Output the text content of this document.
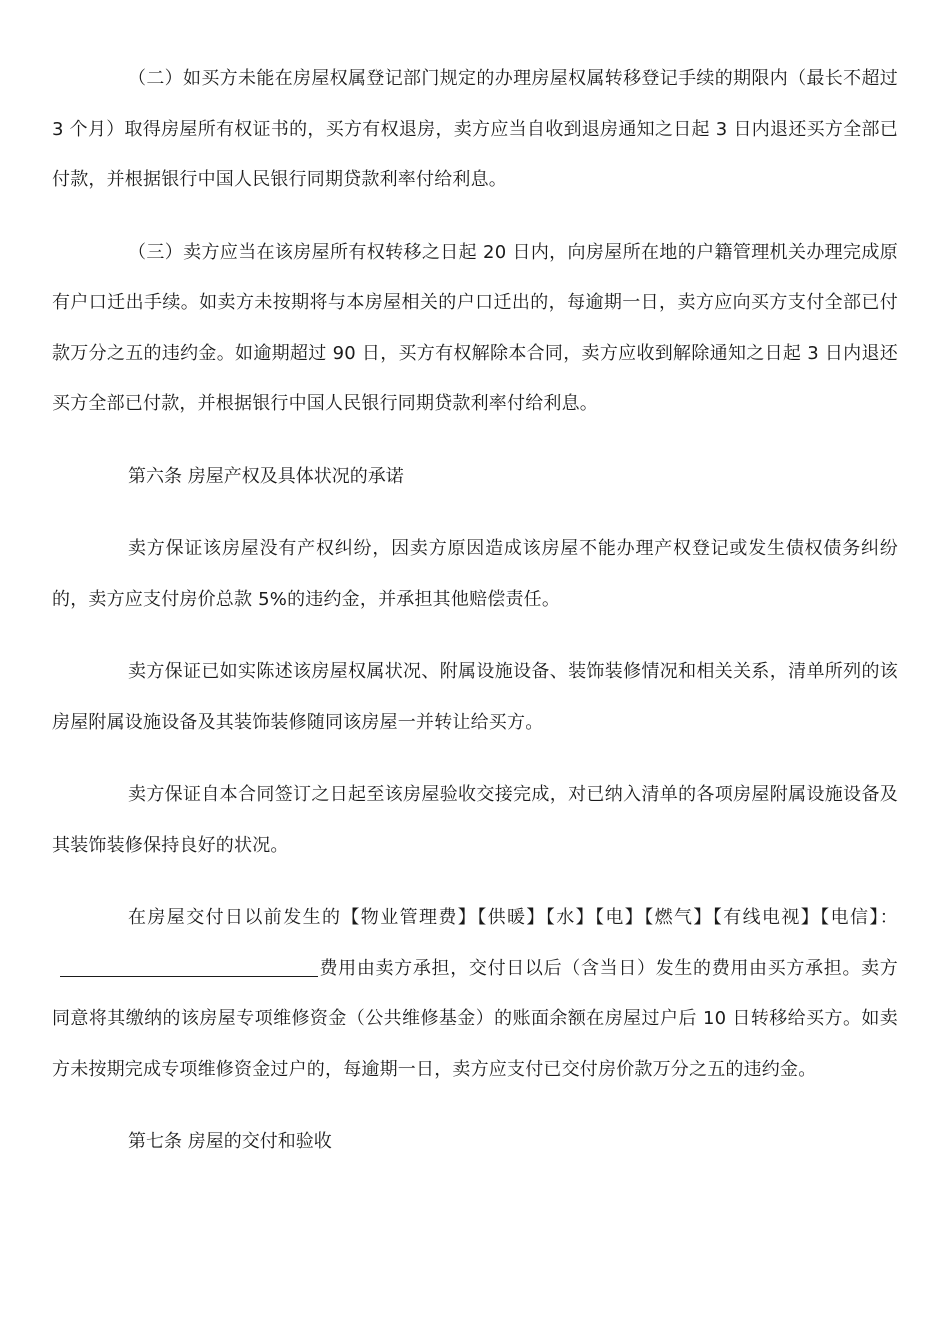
（二）如买方未能在房屋权属登记部门规定的办理房屋权属转移登记手续的期限内（最长不超过 3 个月）取得房屋所有权证书的，买方有权退房，卖方应当自收到退房通知之日起 3 日内退还买方全部已付款，并根据银行中国人民银行同期贷款利率付给利息。

（三）卖方应当在该房屋所有权转移之日起 20 日内，向房屋所在地的户籍管理机关办理完成原有户口迁出手续。如卖方未按期将与本房屋相关的户口迁出的，每逾期一日，卖方应向买方支付全部已付款万分之五的违约金。如逾期超过 90 日，买方有权解除本合同，卖方应收到解除通知之日起 3 日内退还买方全部已付款，并根据银行中国人民银行同期贷款利率付给利息。

第六条 房屋产权及具体状况的承诺

卖方保证该房屋没有产权纠纷，因卖方原因造成该房屋不能办理产权登记或发生债权债务纠纷的，卖方应支付房价总款 5%的违约金，并承担其他赔偿责任。

卖方保证已如实陈述该房屋权属状况、附属设施设备、装饰装修情况和相关关系，清单所列的该房屋附属设施设备及其装饰装修随同该房屋一并转让给买方。

卖方保证自本合同签订之日起至该房屋验收交接完成，对已纳入清单的各项房屋附属设施设备及其装饰装修保持良好的状况。

在房屋交付日以前发生的【物业管理费】【供暖】【水】【电】【燃气】【有线电视】【电信】：费用由卖方承担，交付日以后（含当日）发生的费用由买方承担。卖方同意将其缴纳的该房屋专项维修资金（公共维修基金）的账面余额在房屋过户后 10 日转移给买方。如卖方未按期完成专项维修资金过户的，每逾期一日，卖方应支付已交付房价款万分之五的违约金。

第七条 房屋的交付和验收
